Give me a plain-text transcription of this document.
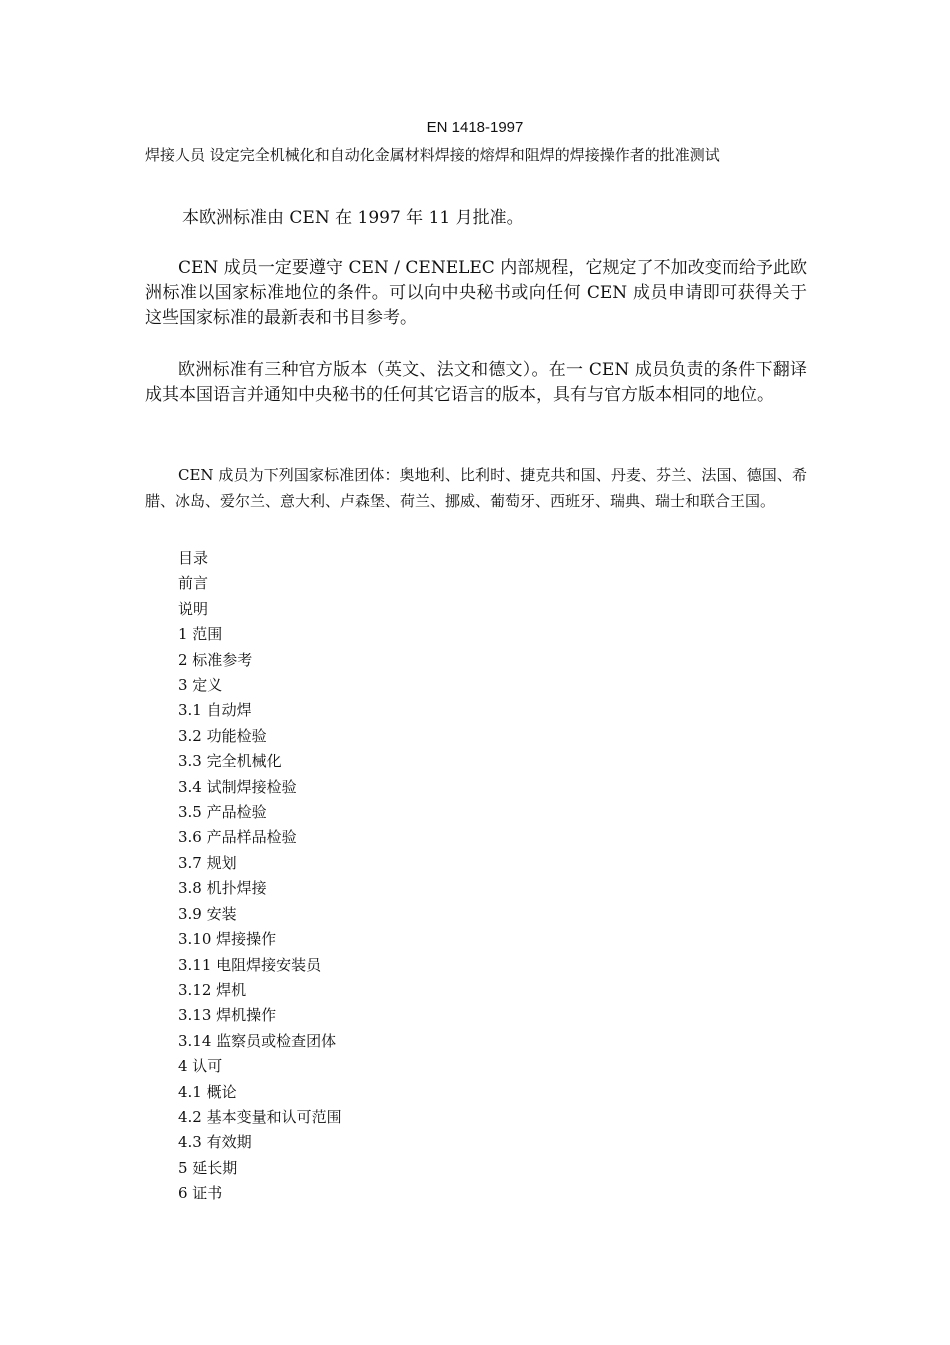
EN 1418-1997
焊接人员 设定完全机械化和自动化金属材料焊接的熔焊和阻焊的焊接操作者的批准测试

本欧洲标准由 CEN 在 1997 年 11 月批准。

CEN 成员一定要遵守 CEN / CENELEC 内部规程，它规定了不加改变而给予此欧洲标准以国家标准地位的条件。可以向中央秘书或向任何 CEN 成员申请即可获得关于这些国家标准的最新表和书目参考。

欧洲标准有三种官方版本（英文、法文和德文）。在一 CEN 成员负责的条件下翻译成其本国语言并通知中央秘书的任何其它语言的版本，具有与官方版本相同的地位。

CEN 成员为下列国家标准团体：奥地利、比利时、捷克共和国、丹麦、芬兰、法国、德国、希腊、冰岛、爱尔兰、意大利、卢森堡、荷兰、挪威、葡萄牙、西班牙、瑞典、瑞士和联合王国。

目录
前言
说明
1 范围
2 标准参考
3 定义
3.1 自动焊
3.2 功能检验
3.3 完全机械化
3.4 试制焊接检验
3.5 产品检验
3.6 产品样品检验
3.7 规划
3.8 机扑焊接
3.9 安装
3.10 焊接操作
3.11 电阻焊接安装员
3.12 焊机
3.13 焊机操作
3.14 监察员或检查团体
4 认可
4.1 概论
4.2 基本变量和认可范围
4.3 有效期
5 延长期
6 证书
